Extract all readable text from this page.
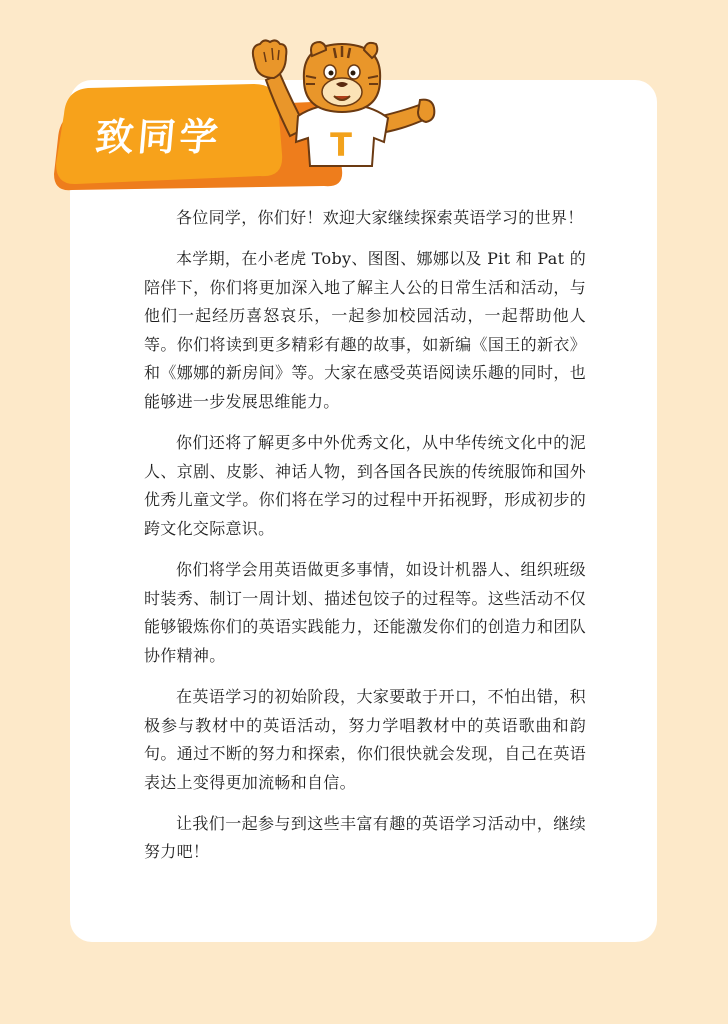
致同学	T

各位同学，你们好！欢迎大家继续探索英语学习的世界！

本学期，在小老虎 Toby、图图、娜娜以及 Pit 和 Pat 的陪伴下，你们将更加深入地了解主人公的日常生活和活动，与他们一起经历喜怒哀乐，一起参加校园活动，一起帮助他人等。你们将读到更多精彩有趣的故事，如新编《国王的新衣》和《娜娜的新房间》等。大家在感受英语阅读乐趣的同时，也能够进一步发展思维能力。

你们还将了解更多中外优秀文化，从中华传统文化中的泥人、京剧、皮影、神话人物，到各国各民族的传统服饰和国外优秀儿童文学。你们将在学习的过程中开拓视野，形成初步的跨文化交际意识。

你们将学会用英语做更多事情，如设计机器人、组织班级时装秀、制订一周计划、描述包饺子的过程等。这些活动不仅能够锻炼你们的英语实践能力，还能激发你们的创造力和团队协作精神。

在英语学习的初始阶段，大家要敢于开口，不怕出错，积极参与教材中的英语活动，努力学唱教材中的英语歌曲和韵句。通过不断的努力和探索，你们很快就会发现，自己在英语表达上变得更加流畅和自信。

让我们一起参与到这些丰富有趣的英语学习活动中，继续努力吧！
